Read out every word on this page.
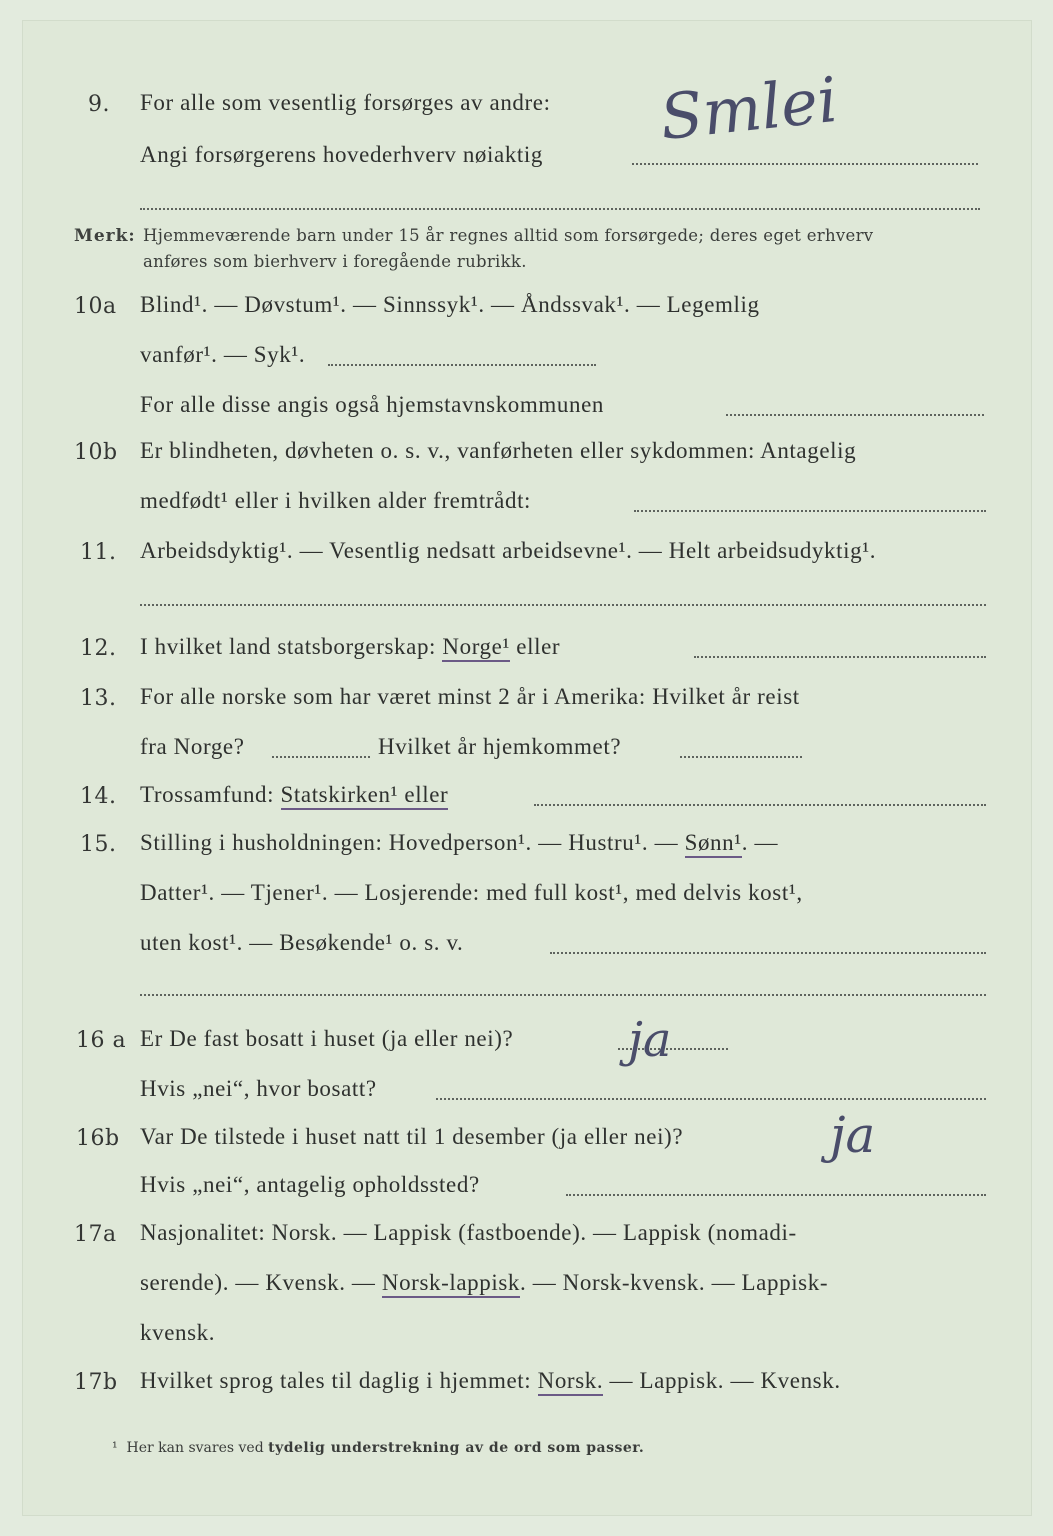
9. For alle som vesentlig forsørges av andre:
Angi forsørgerens hovederhverv nøiaktig
Smlei
Merk: Hjemmeværende barn under 15 år regnes alltid som forsørgede; deres eget erhverv
anføres som bierhverv i foregående rubrikk.
10a Blind¹. — Døvstum¹. — Sinnssyk¹. — Åndssvak¹. — Legemlig
vanfør¹. — Syk¹.
For alle disse angis også hjemstavnskommunen
10b Er blindheten, døvheten o. s. v., vanførheten eller sykdommen: Antagelig
medfødt¹ eller i hvilken alder fremtrådt:
11. Arbeidsdyktig¹. — Vesentlig nedsatt arbeidsevne¹. — Helt arbeidsudyktig¹.
12. I hvilket land statsborgerskap: Norge¹ eller
13. For alle norske som har været minst 2 år i Amerika: Hvilket år reist
fra Norge?	Hvilket år hjemkommet?
14. Trossamfund: Statskirken¹ eller
15. Stilling i husholdningen: Hovedperson¹. — Hustru¹. — Sønn¹. —
Datter¹. — Tjener¹. — Losjerende: med full kost¹, med delvis kost¹,
uten kost¹. — Besøkende¹ o. s. v.
16 a Er De fast bosatt i huset (ja eller nei)? ja
Hvis „nei“, hvor bosatt?
16b Var De tilstede i huset natt til 1 desember (ja eller nei)?	ja
Hvis „nei“, antagelig opholdssted?
17a Nasjonalitet: Norsk. — Lappisk (fastboende). — Lappisk (nomadi-
serende). — Kvensk. — Norsk-lappisk. — Norsk-kvensk. — Lappisk-
kvensk.
17b Hvilket sprog tales til daglig i hjemmet: Norsk. — Lappisk. — Kvensk.
¹ Her kan svares ved tydelig understrekning av de ord som passer.
